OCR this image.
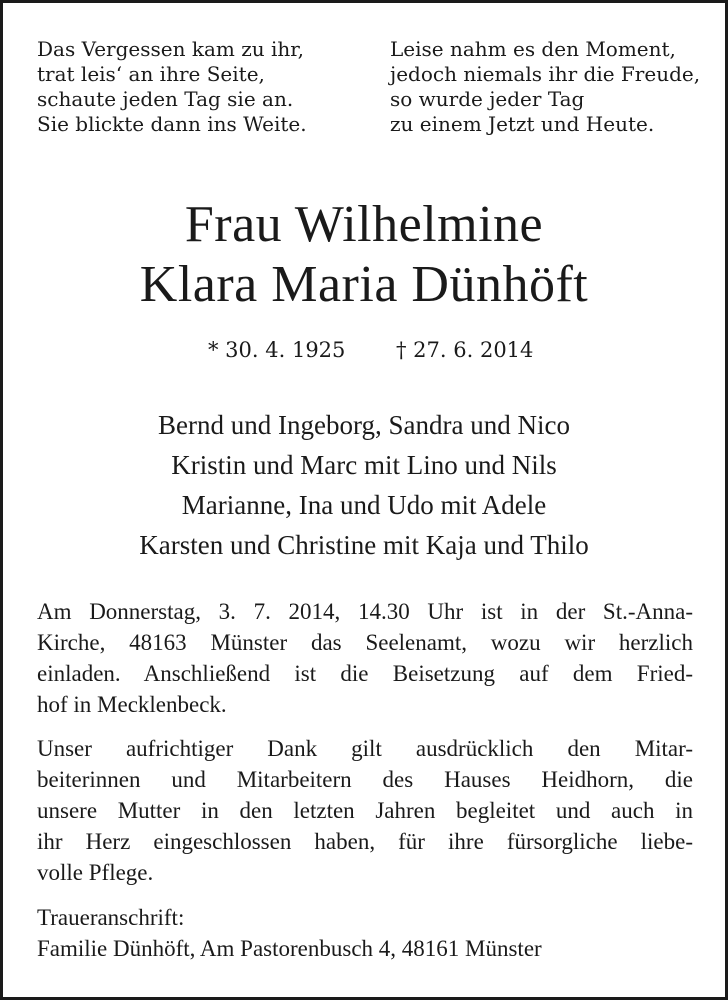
Das Vergessen kam zu ihr,
trat leis‘ an ihre Seite,
schaute jeden Tag sie an.
Sie blickte dann ins Weite.
Leise nahm es den Moment,
jedoch niemals ihr die Freude,
so wurde jeder Tag
zu einem Jetzt und Heute.
Frau Wilhelmine
Klara Maria Dünhöft
* 30. 4. 1925 † 27. 6. 2014
Bernd und Ingeborg, Sandra und Nico
Kristin und Marc mit Lino und Nils
Marianne, Ina und Udo mit Adele
Karsten und Christine mit Kaja und Thilo
Am Donnerstag, 3. 7. 2014, 14.30 Uhr ist in der St.-Anna-
Kirche, 48163 Münster das Seelenamt, wozu wir herzlich
einladen. Anschließend ist die Beisetzung auf dem Fried-
hof in Mecklenbeck.
Unser aufrichtiger Dank gilt ausdrücklich den Mitar-
beiterinnen und Mitarbeitern des Hauses Heidhorn, die
unsere Mutter in den letzten Jahren begleitet und auch in
ihr Herz eingeschlossen haben, für ihre fürsorgliche liebe-
volle Pflege.
Traueranschrift:
Familie Dünhöft, Am Pastorenbusch 4, 48161 Münster
